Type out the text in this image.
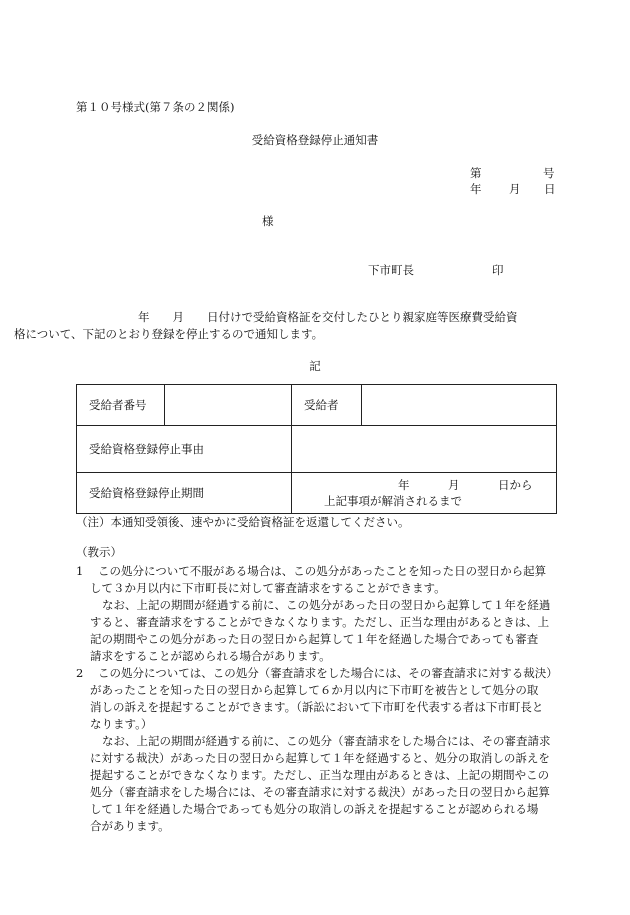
第１０号様式(第７条の２関係)
受給資格登録停止通知書
第	号
年 月 日
様
下市町長	印
年　　月　　日付けで受給資格証を交付したひとり親家庭等医療費受給資
格について、下記のとおり登録を停止するので通知します。
記
受給者番号		受給者	
受給資格登録停止事由			
受給資格登録停止期間		年 月 日から
上記事項が解消されるまで	
（注）本通知受領後、速やかに受給資格証を返還してください。
（教示）
1	この処分について不服がある場合は、この処分があったことを知った日の翌日から起算
して３か月以内に下市町長に対して審査請求をすることができます。
なお、上記の期間が経過する前に、この処分があった日の翌日から起算して１年を経過
すると、審査請求をすることができなくなります。ただし、正当な理由があるときは、上
記の期間やこの処分があった日の翌日から起算して１年を経過した場合であっても審査
請求をすることが認められる場合があります。
2	この処分については、この処分（審査請求をした場合には、その審査請求に対する裁決）
があったことを知った日の翌日から起算して６か月以内に下市町を被告として処分の取
消しの訴えを提起することができます。（訴訟において下市町を代表する者は下市町長と
なります。）
なお、上記の期間が経過する前に、この処分（審査請求をした場合には、その審査請求
に対する裁決）があった日の翌日から起算して１年を経過すると、処分の取消しの訴えを
提起することができなくなります。ただし、正当な理由があるときは、上記の期間やこの
処分（審査請求をした場合には、その審査請求に対する裁決）があった日の翌日から起算
して１年を経過した場合であっても処分の取消しの訴えを提起することが認められる場
合があります。
